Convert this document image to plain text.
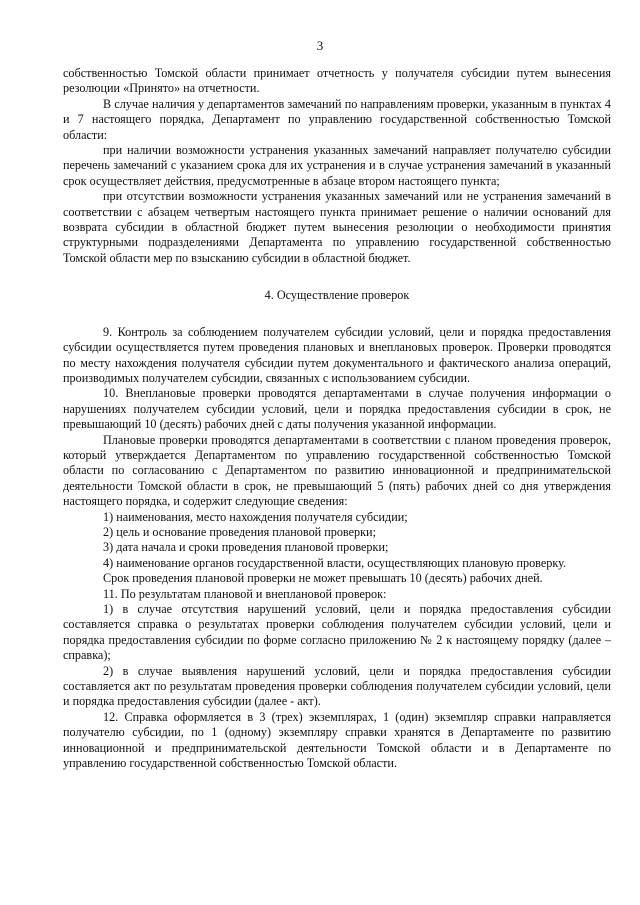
3

собственностью Томской области принимает отчетность у получателя субсидии путем вынесения резолюции «Принято» на отчетности.

В случае наличия у департаментов замечаний по направлениям проверки, указанным в пунктах 4 и 7 настоящего порядка, Департамент по управлению государственной собственностью Томской области:

при наличии возможности устранения указанных замечаний направляет получателю субсидии перечень замечаний с указанием срока для их устранения и в случае устранения замечаний в указанный срок осуществляет действия, предусмотренные в абзаце втором настоящего пункта;

при отсутствии возможности устранения указанных замечаний или не устранения замечаний в соответствии с абзацем четвертым настоящего пункта принимает решение о наличии оснований для возврата субсидии в областной бюджет путем вынесения резолюции о необходимости принятия структурными подразделениями Департамента по управлению государственной собственностью Томской области мер по взысканию субсидии в областной бюджет.

4. Осуществление проверок

9. Контроль за соблюдением получателем субсидии условий, цели и порядка предоставления субсидии осуществляется путем проведения плановых и внеплановых проверок. Проверки проводятся по месту нахождения получателя субсидии путем документального и фактического анализа операций, производимых получателем субсидии, связанных с использованием субсидии.

10. Внеплановые проверки проводятся департаментами в случае получения информации о нарушениях получателем субсидии условий, цели и порядка предоставления субсидии в срок, не превышающий 10 (десять) рабочих дней с даты получения указанной информации.

Плановые проверки проводятся департаментами в соответствии с планом проведения проверок, который утверждается Департаментом по управлению государственной собственностью Томской области по согласованию с Департаментом по развитию инновационной и предпринимательской деятельности Томской области в срок, не превышающий 5 (пять) рабочих дней со дня утверждения настоящего порядка, и содержит следующие сведения:

1) наименования, место нахождения получателя субсидии;

2) цель и основание проведения плановой проверки;

3) дата начала и сроки проведения плановой проверки;

4) наименование органов государственной власти, осуществляющих плановую проверку.

Срок проведения плановой проверки не может превышать 10 (десять) рабочих дней.

11. По результатам плановой и внеплановой проверок:

1) в случае отсутствия нарушений условий, цели и порядка предоставления субсидии составляется справка о результатах проверки соблюдения получателем субсидии условий, цели и порядка предоставления субсидии по форме согласно приложению № 2 к настоящему порядку (далее – справка);

2) в случае выявления нарушений условий, цели и порядка предоставления субсидии составляется акт по результатам проведения проверки соблюдения получателем субсидии условий, цели и порядка предоставления субсидии (далее - акт).

12. Справка оформляется в 3 (трех) экземплярах, 1 (один) экземпляр справки направляется получателю субсидии, по 1 (одному) экземпляру справки хранятся в Департаменте по развитию инновационной и предпринимательской деятельности Томской области и в Департаменте по управлению государственной собственностью Томской области.
